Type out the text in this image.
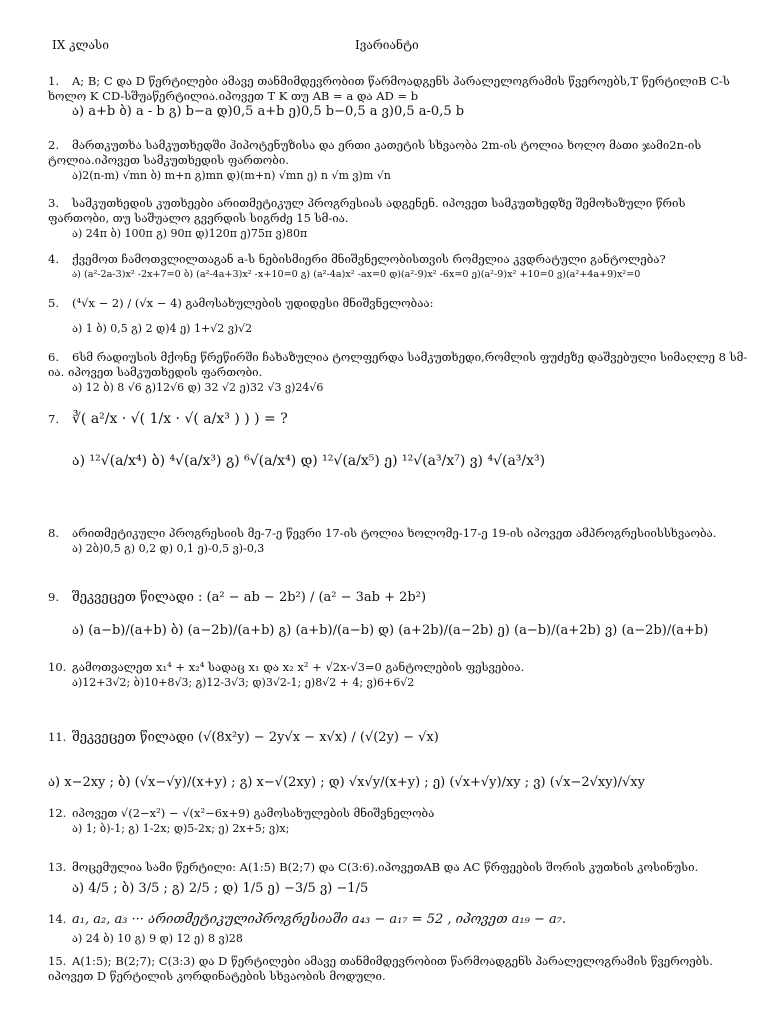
IX კლასი	Iვარიანტი
1. A; B; C და D წერტილები ამავე თანმიმდევრობით წარმოადგენს პარალელოგრამის წვეროებს,T წერტილიB C-ს ხოლო K CD-სშუაწერტილია.იპოვეთ T K თუ AB = a და AD = b
ა) a+b ბ) a - b გ) b−a დ)0,5 a+b ე)0,5 b−0,5 a ვ)0,5 a-0,5 b
2. მართკუთხა სამკუთხედში ჰიპოტენუზისა და ერთი კათეტის სხვაობა 2m-ის ტოლია ხოლო მათი ჯამი2n-ის ტოლია.იპოვეთ სამკუთხედის ფართობი.
ა)2(n-m) √mn ბ) m+n გ)mn დ)(m+n) √mn ე) n √m ვ)m √n
3. სამკუთხედის კუთხეები არითმეტიკულ პროგრესიას ადგენენ. იპოვეთ სამკუთხედზე შემოხაზული წრის ფართობი, თუ საშუალო გვერდის სიგრძე 15 სმ-ია.
ა) 24π ბ) 100π გ) 90π დ)120π ე)75π ვ)80π
4. ქვემოთ ჩამოთვლილთაგან a-ს ნებისმიერი მნიშვნელობისთვის რომელია კვდრატული განტოლება?
ა) (a²-2a-3)x² -2x+7=0 ბ) (a²-4a+3)x² -x+10=0 გ) (a²-4a)x² -ax=0 დ)(a²-9)x² -6x=0 ე)(a²-9)x² +10=0 ვ)(a²+4a+9)x²=0
5. (⁴√x − 2) / (√x − 4) გამოსახულების უდიდესი მნიშვნელობაა:
ა) 1 ბ) 0,5 გ) 2 დ)4 ე) 1+√2 ვ)√2
6. 6სმ რადიუსის მქონე წრეწირში ჩახაზულია ტოლფერდა სამკუთხედი,რომლის ფუძეზე დაშვებული სიმაღლე 8 სმ-ია. იპოვეთ სამკუთხედის ფართობი.
ა) 12 ბ) 8 √6 გ)12√6 დ) 32 √2 ე)32 √3 ვ)24√6
7. ∛( a²/x · √( 1/x · √( a/x³ ) ) ) = ?
ა) ¹²√(a/x⁴) ბ) ⁴√(a/x³) გ) ⁶√(a/x⁴) დ) ¹²√(a/x⁵) ე) ¹²√(a³/x⁷) ვ) ⁴√(a³/x³)
8. არითმეტიკული პროგრესიის მე-7-ე წევრი 17-ის ტოლია ხოლომე-17-ე 19-ის იპოვეთ ამპროგრესიისსხვაობა.
ა) 2ბ)0,5 გ) 0,2 დ) 0,1 ე)-0,5 ვ)-0,3
9. შეკვეცეთ წილადი : (a² − ab − 2b²) / (a² − 3ab + 2b²)
ა) (a−b)/(a+b) ბ) (a−2b)/(a+b) გ) (a+b)/(a−b) დ) (a+2b)/(a−2b) ე) (a−b)/(a+2b) ვ) (a−2b)/(a+b)
10. გამოთვალეთ x₁⁴ + x₂⁴ სადაც x₁ და x₂ x² + √2x-√3=0 განტოლების ფესვებია.
ა)12+3√2; ბ)10+8√3; გ)12-3√3; დ)3√2-1; ე)8√2 + 4; ვ)6+6√2
11. შეკვეცეთ წილადი (√(8x²y) − 2y√x − x√x) / (√(2y) − √x)
ა) x−2xy ; ბ) (√x−√y)/(x+y) ; გ) x−√(2xy) ; დ) √x√y/(x+y) ; ე) (√x+√y)/xy ; ვ) (√x−2√xy)/√xy
12. იპოვეთ √(2−x²) − √(x²−6x+9) გამოსახულების მნიშვნელობა
ა) 1; ბ)-1; გ) 1-2x; დ)5-2x; ე) 2x+5; ვ)x;
13. მოცემულია სამი წერტილი: A(1:5) B(2;7) და C(3:6).იპოვეთAB და AC წრფეების შორის კუთხის კოსინუსი.
ა) 4/5 ; ბ) 3/5 ; გ) 2/5 ; დ) 1/5 ე) −3/5 ვ) −1/5
14. a₁, a₂, a₃ ··· არითმეტიკულიპროგრესიაში a₄₃ − a₁₇ = 52 , იპოვეთ a₁₉ − a₇.
ა) 24 ბ) 10 გ) 9 დ) 12 ე) 8 ვ)28
15. A(1:5); B(2;7); C(3:3) და D წერტილები ამავე თანმიმდევრობით წარმოადგენს პარალელოგრამის წვეროებს. იპოვეთ D წერტილის კორდინატების სხვაობის მოდული.
